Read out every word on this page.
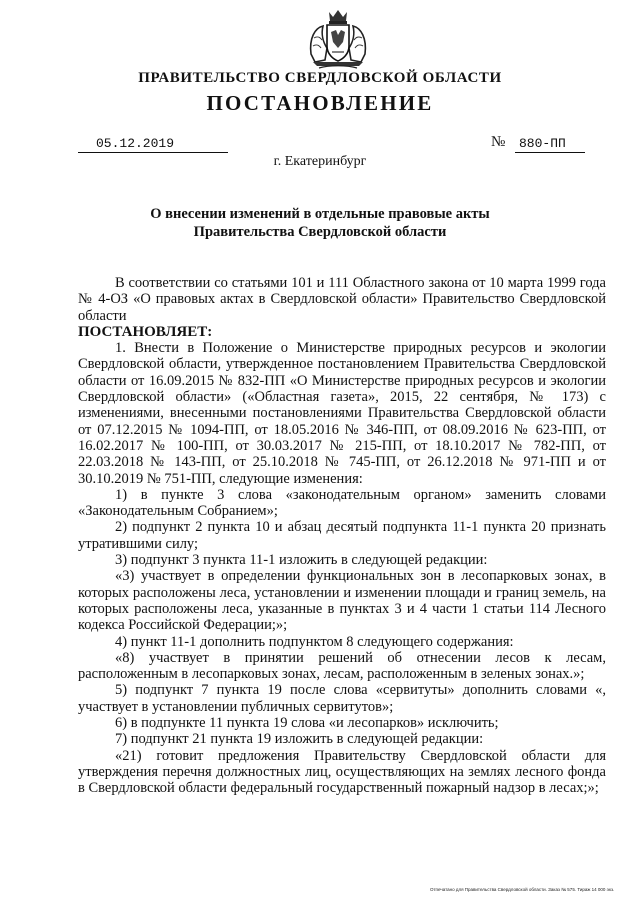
ПРАВИТЕЛЬСТВО СВЕРДЛОВСКОЙ ОБЛАСТИ
ПОСТАНОВЛЕНИЕ
05.12.2019	№ 880-ПП
г. Екатеринбург
О внесении изменений в отдельные правовые акты
Правительства Свердловской области

В соответствии со статьями 101 и 111 Областного закона от 10 марта 1999 года № 4-ОЗ «О правовых актах в Свердловской области» Правительство Свердловской области

ПОСТАНОВЛЯЕТ:

1. Внести в Положение о Министерстве природных ресурсов и экологии Свердловской области, утвержденное постановлением Правительства Свердловской области от 16.09.2015 № 832-ПП «О Министерстве природных ресурсов и экологии Свердловской области» («Областная газета», 2015, 22 сентября, № 173) с изменениями, внесенными постановлениями Правительства Свердловской области от 07.12.2015 № 1094-ПП, от 18.05.2016 № 346-ПП, от 08.09.2016 № 623-ПП, от 16.02.2017 № 100-ПП, от 30.03.2017 № 215-ПП, от 18.10.2017 № 782-ПП, от 22.03.2018 № 143-ПП, от 25.10.2018 № 745-ПП, от 26.12.2018 № 971-ПП и от 30.10.2019 № 751-ПП, следующие изменения:

1) в пункте 3 слова «законодательным органом» заменить словами «Законодательным Собранием»;

2) подпункт 2 пункта 10 и абзац десятый подпункта 11-1 пункта 20 признать утратившими силу;

3) подпункт 3 пункта 11-1 изложить в следующей редакции:

«3) участвует в определении функциональных зон в лесопарковых зонах, в которых расположены леса, установлении и изменении площади и границ земель, на которых расположены леса, указанные в пунктах 3 и 4 части 1 статьи 114 Лесного кодекса Российской Федерации;»;

4) пункт 11-1 дополнить подпунктом 8 следующего содержания:

«8) участвует в принятии решений об отнесении лесов к лесам, расположенным в лесопарковых зонах, лесам, расположенным в зеленых зонах.»;

5) подпункт 7 пункта 19 после слова «сервитуты» дополнить словами «, участвует в установлении публичных сервитутов»;

6) в подпункте 11 пункта 19 слова «и лесопарков» исключить;

7) подпункт 21 пункта 19 изложить в следующей редакции:

«21) готовит предложения Правительству Свердловской области для утверждения перечня должностных лиц, осуществляющих на землях лесного фонда в Свердловской области федеральный государственный пожарный надзор в лесах;»;

Отпечатано для Правительства Свердловской области. Заказ № 575. Тираж 14 000 экз.
